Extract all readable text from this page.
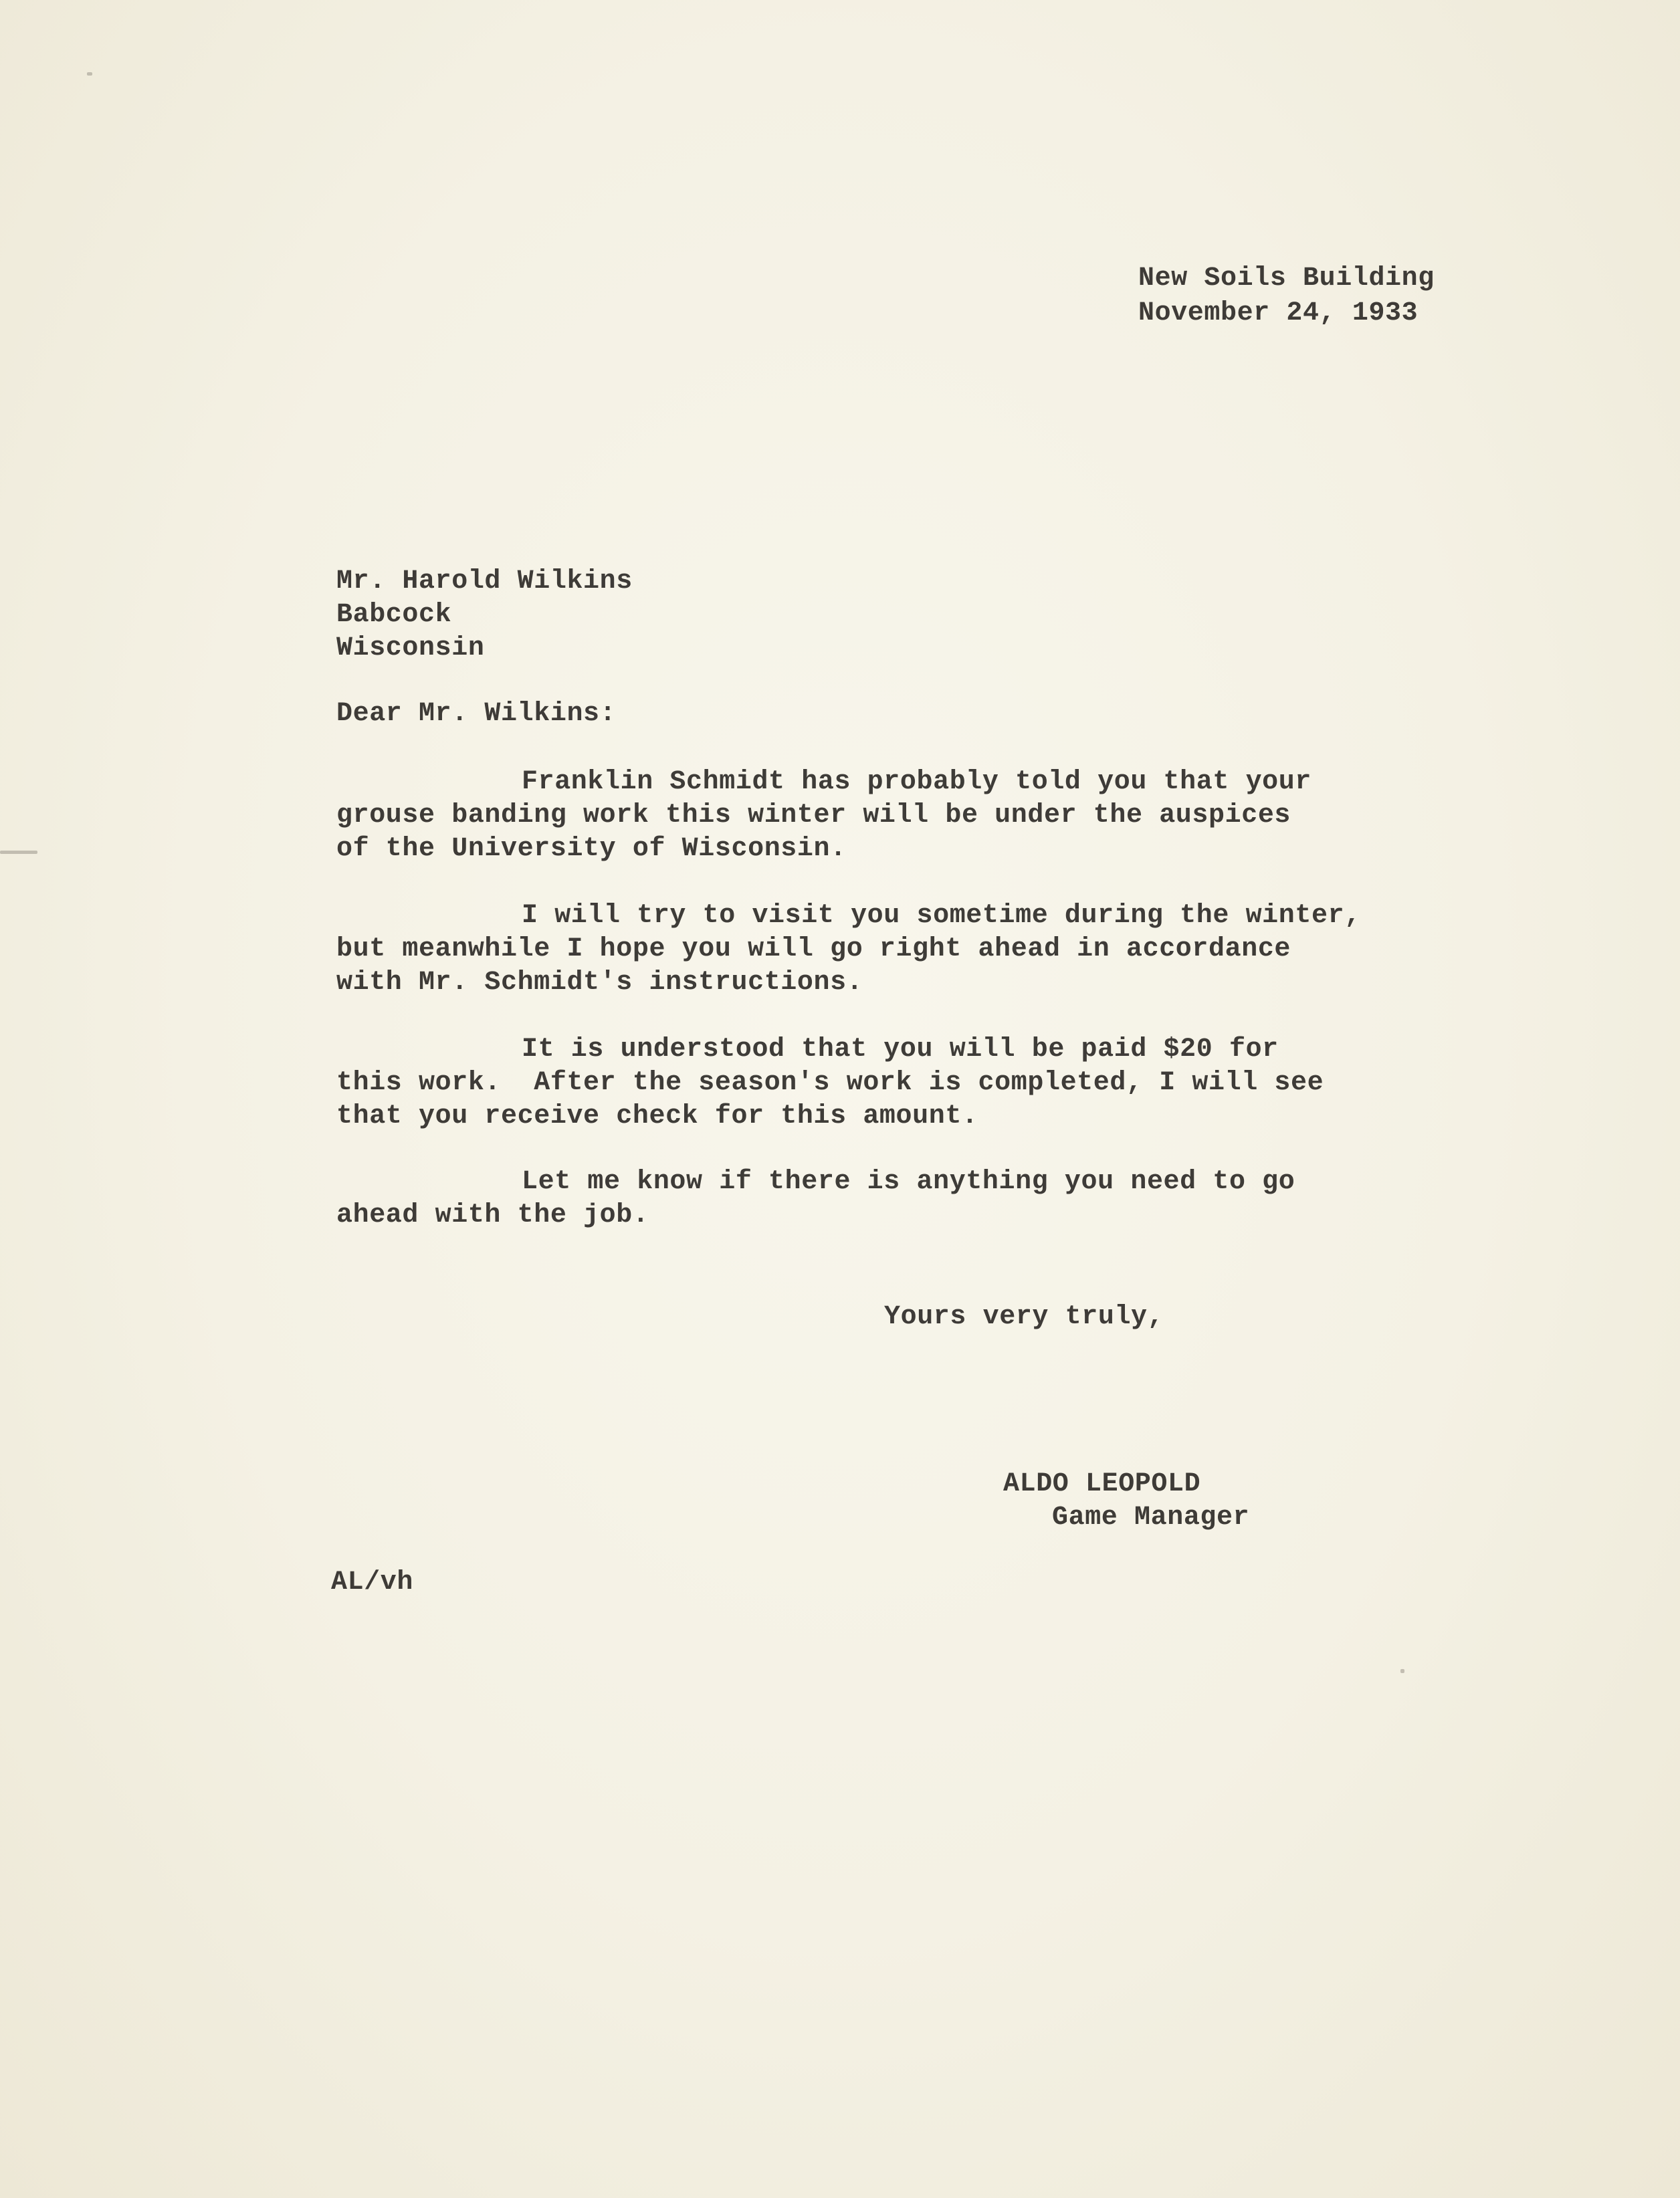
New Soils Building
November 24, 1933
Mr. Harold Wilkins
Babcock
Wisconsin
Dear Mr. Wilkins:
Franklin Schmidt has probably told you that your
grouse banding work this winter will be under the auspices
of the University of Wisconsin.
I will try to visit you sometime during the winter,
but meanwhile I hope you will go right ahead in accordance
with Mr. Schmidt's instructions.
It is understood that you will be paid $20 for
this work.  After the season's work is completed, I will see
that you receive check for this amount.
Let me know if there is anything you need to go
ahead with the job.
Yours very truly,
ALDO LEOPOLD
Game Manager
AL/vh
